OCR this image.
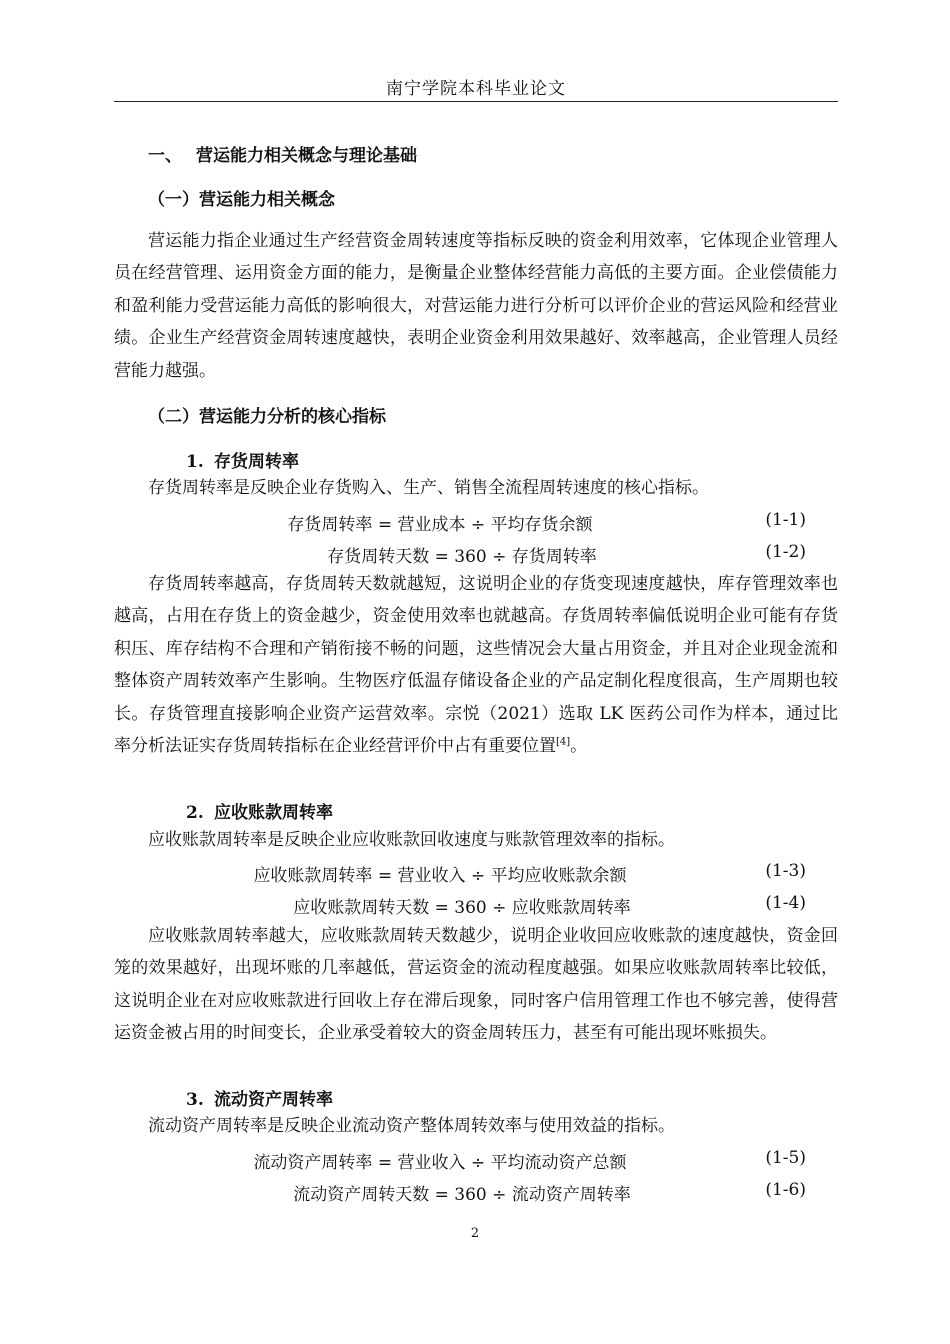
南宁学院本科毕业论文
一、 营运能力相关概念与理论基础
（一）营运能力相关概念

营运能力指企业通过生产经营资金周转速度等指标反映的资金利用效率，它体现企业管理人员在经营管理、运用资金方面的能力，是衡量企业整体经营能力高低的主要方面。企业偿债能力和盈利能力受营运能力高低的影响很大，对营运能力进行分析可以评价企业的营运风险和经营业绩。企业生产经营资金周转速度越快，表明企业资金利用效果越好、效率越高，企业管理人员经营能力越强。

（二）营运能力分析的核心指标
1. 存货周转率

存货周转率是反映企业存货购入、生产、销售全流程周转速度的核心指标。

存货周转率 = 营业成本 ÷ 平均存货余额	(1-1)
存货周转天数 = 360 ÷ 存货周转率	(1-2)

存货周转率越高，存货周转天数就越短，这说明企业的存货变现速度越快，库存管理效率也越高，占用在存货上的资金越少，资金使用效率也就越高。存货周转率偏低说明企业可能有存货积压、库存结构不合理和产销衔接不畅的问题，这些情况会大量占用资金，并且对企业现金流和整体资产周转效率产生影响。生物医疗低温存储设备企业的产品定制化程度很高，生产周期也较长。存货管理直接影响企业资产运营效率。宗悦（2021）选取 LK 医药公司作为样本，通过比率分析法证实存货周转指标在企业经营评价中占有重要位置[4]。

2. 应收账款周转率

应收账款周转率是反映企业应收账款回收速度与账款管理效率的指标。

应收账款周转率 = 营业收入 ÷ 平均应收账款余额	(1-3)
应收账款周转天数 = 360 ÷ 应收账款周转率	(1-4)

应收账款周转率越大，应收账款周转天数越少，说明企业收回应收账款的速度越快，资金回笼的效果越好，出现坏账的几率越低，营运资金的流动程度越强。如果应收账款周转率比较低，这说明企业在对应收账款进行回收上存在滞后现象，同时客户信用管理工作也不够完善，使得营运资金被占用的时间变长，企业承受着较大的资金周转压力，甚至有可能出现坏账损失。

3. 流动资产周转率

流动资产周转率是反映企业流动资产整体周转效率与使用效益的指标。

流动资产周转率 = 营业收入 ÷ 平均流动资产总额	(1-5)
流动资产周转天数 = 360 ÷ 流动资产周转率	(1-6)
2
